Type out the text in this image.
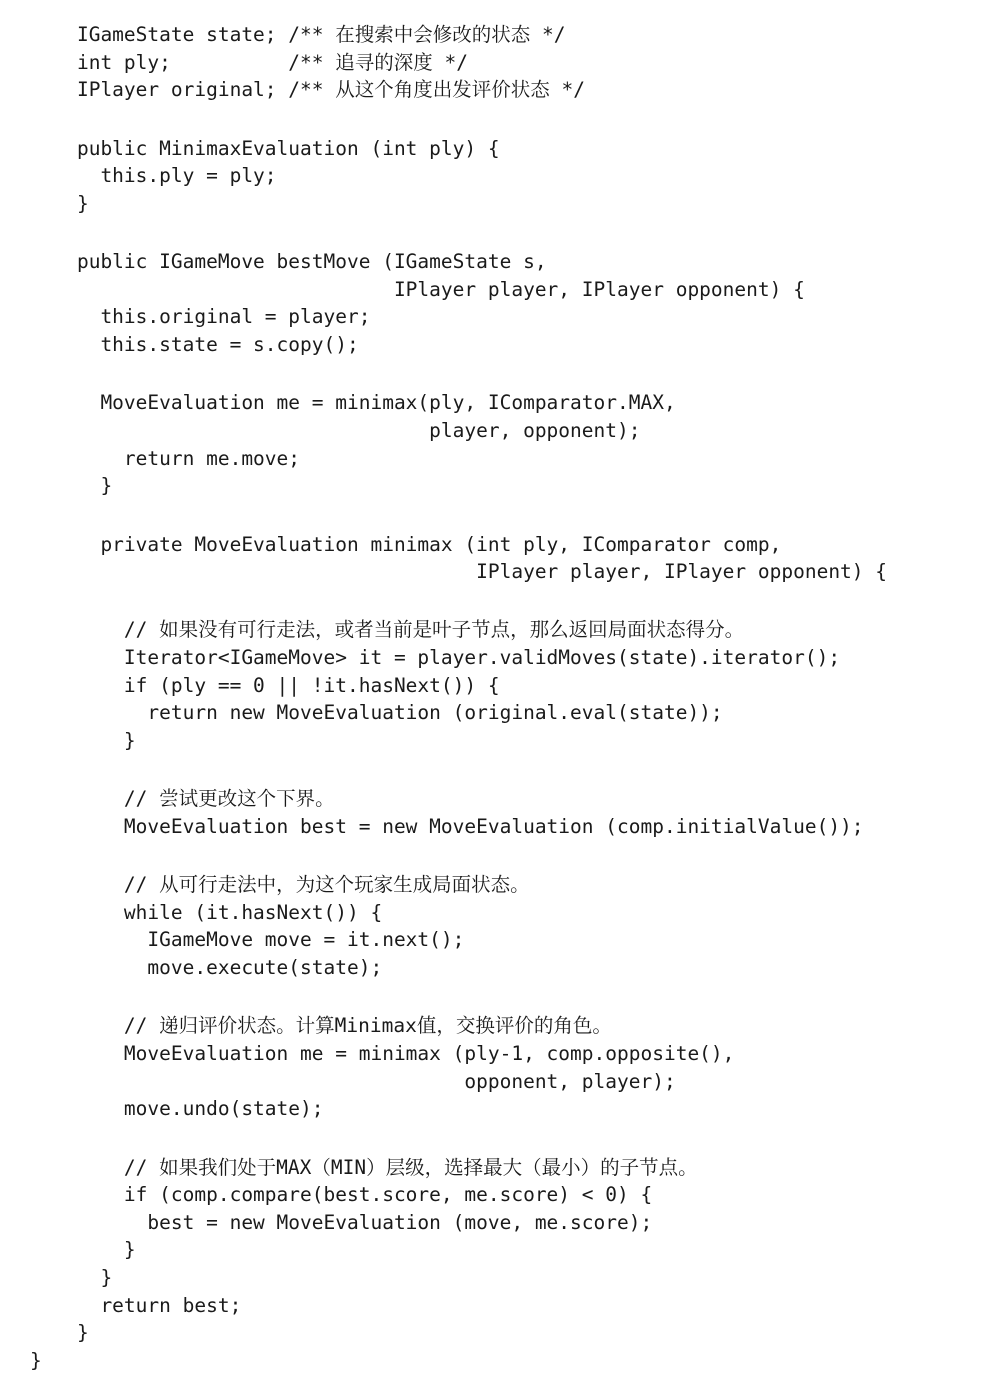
IGameState state; /** 在搜索中会修改的状态 */
int ply;          /** 追寻的深度 */
IPlayer original; /** 从这个角度出发评价状态 */
public MinimaxEvaluation (int ply) {
this.ply = ply;
}
public IGameMove bestMove (IGameState s,
IPlayer player, IPlayer opponent) {
this.original = player;
this.state = s.copy();
MoveEvaluation me = minimax(ply, IComparator.MAX,
player, opponent);
return me.move;
}
private MoveEvaluation minimax (int ply, IComparator comp,
IPlayer player, IPlayer opponent) {
// 如果没有可行走法，或者当前是叶子节点，那么返回局面状态得分。
Iterator<IGameMove> it = player.validMoves(state).iterator();
if (ply == 0 || !it.hasNext()) {
return new MoveEvaluation (original.eval(state));
}
// 尝试更改这个下界。
MoveEvaluation best = new MoveEvaluation (comp.initialValue());
// 从可行走法中，为这个玩家生成局面状态。
while (it.hasNext()) {
IGameMove move = it.next();
move.execute(state);
// 递归评价状态。计算Minimax值，交换评价的角色。
MoveEvaluation me = minimax (ply-1, comp.opposite(),
opponent, player);
move.undo(state);
// 如果我们处于MAX（MIN）层级，选择最大（最小）的子节点。
if (comp.compare(best.score, me.score) < 0) {
best = new MoveEvaluation (move, me.score);
}
}
return best;
}
}
